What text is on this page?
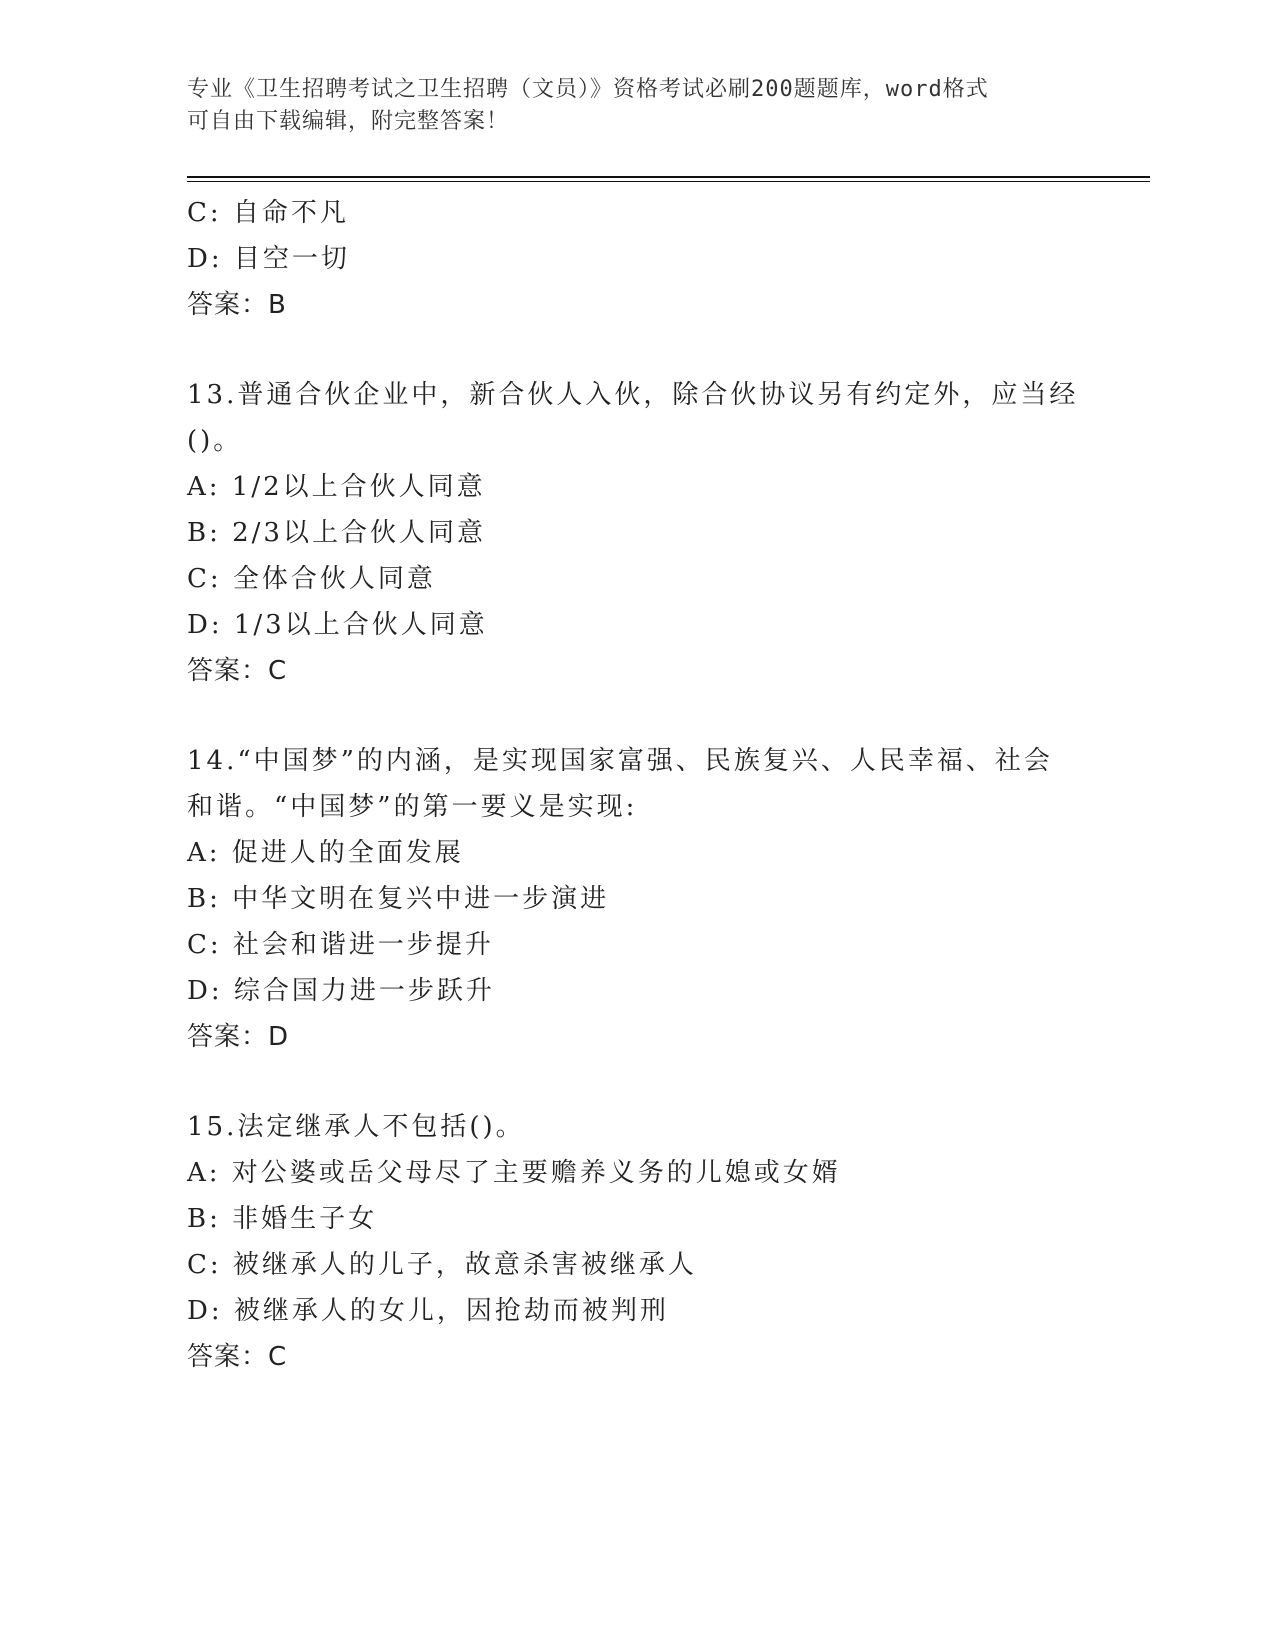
专业《卫生招聘考试之卫生招聘（文员）》资格考试必刷200题题库，word格式
可自由下载编辑，附完整答案！
C: 自命不凡
D: 目空一切
答案：B
13.普通合伙企业中，新合伙人入伙，除合伙协议另有约定外，应当经
()。
A: 1/2以上合伙人同意
B: 2/3以上合伙人同意
C: 全体合伙人同意
D: 1/3以上合伙人同意
答案：C
14.“中国梦”的内涵，是实现国家富强、民族复兴、人民幸福、社会
和谐。“中国梦”的第一要义是实现:
A: 促进人的全面发展
B: 中华文明在复兴中进一步演进
C: 社会和谐进一步提升
D: 综合国力进一步跃升
答案：D
15.法定继承人不包括()。
A: 对公婆或岳父母尽了主要赡养义务的儿媳或女婿
B: 非婚生子女
C: 被继承人的儿子，故意杀害被继承人
D: 被继承人的女儿，因抢劫而被判刑
答案：C
